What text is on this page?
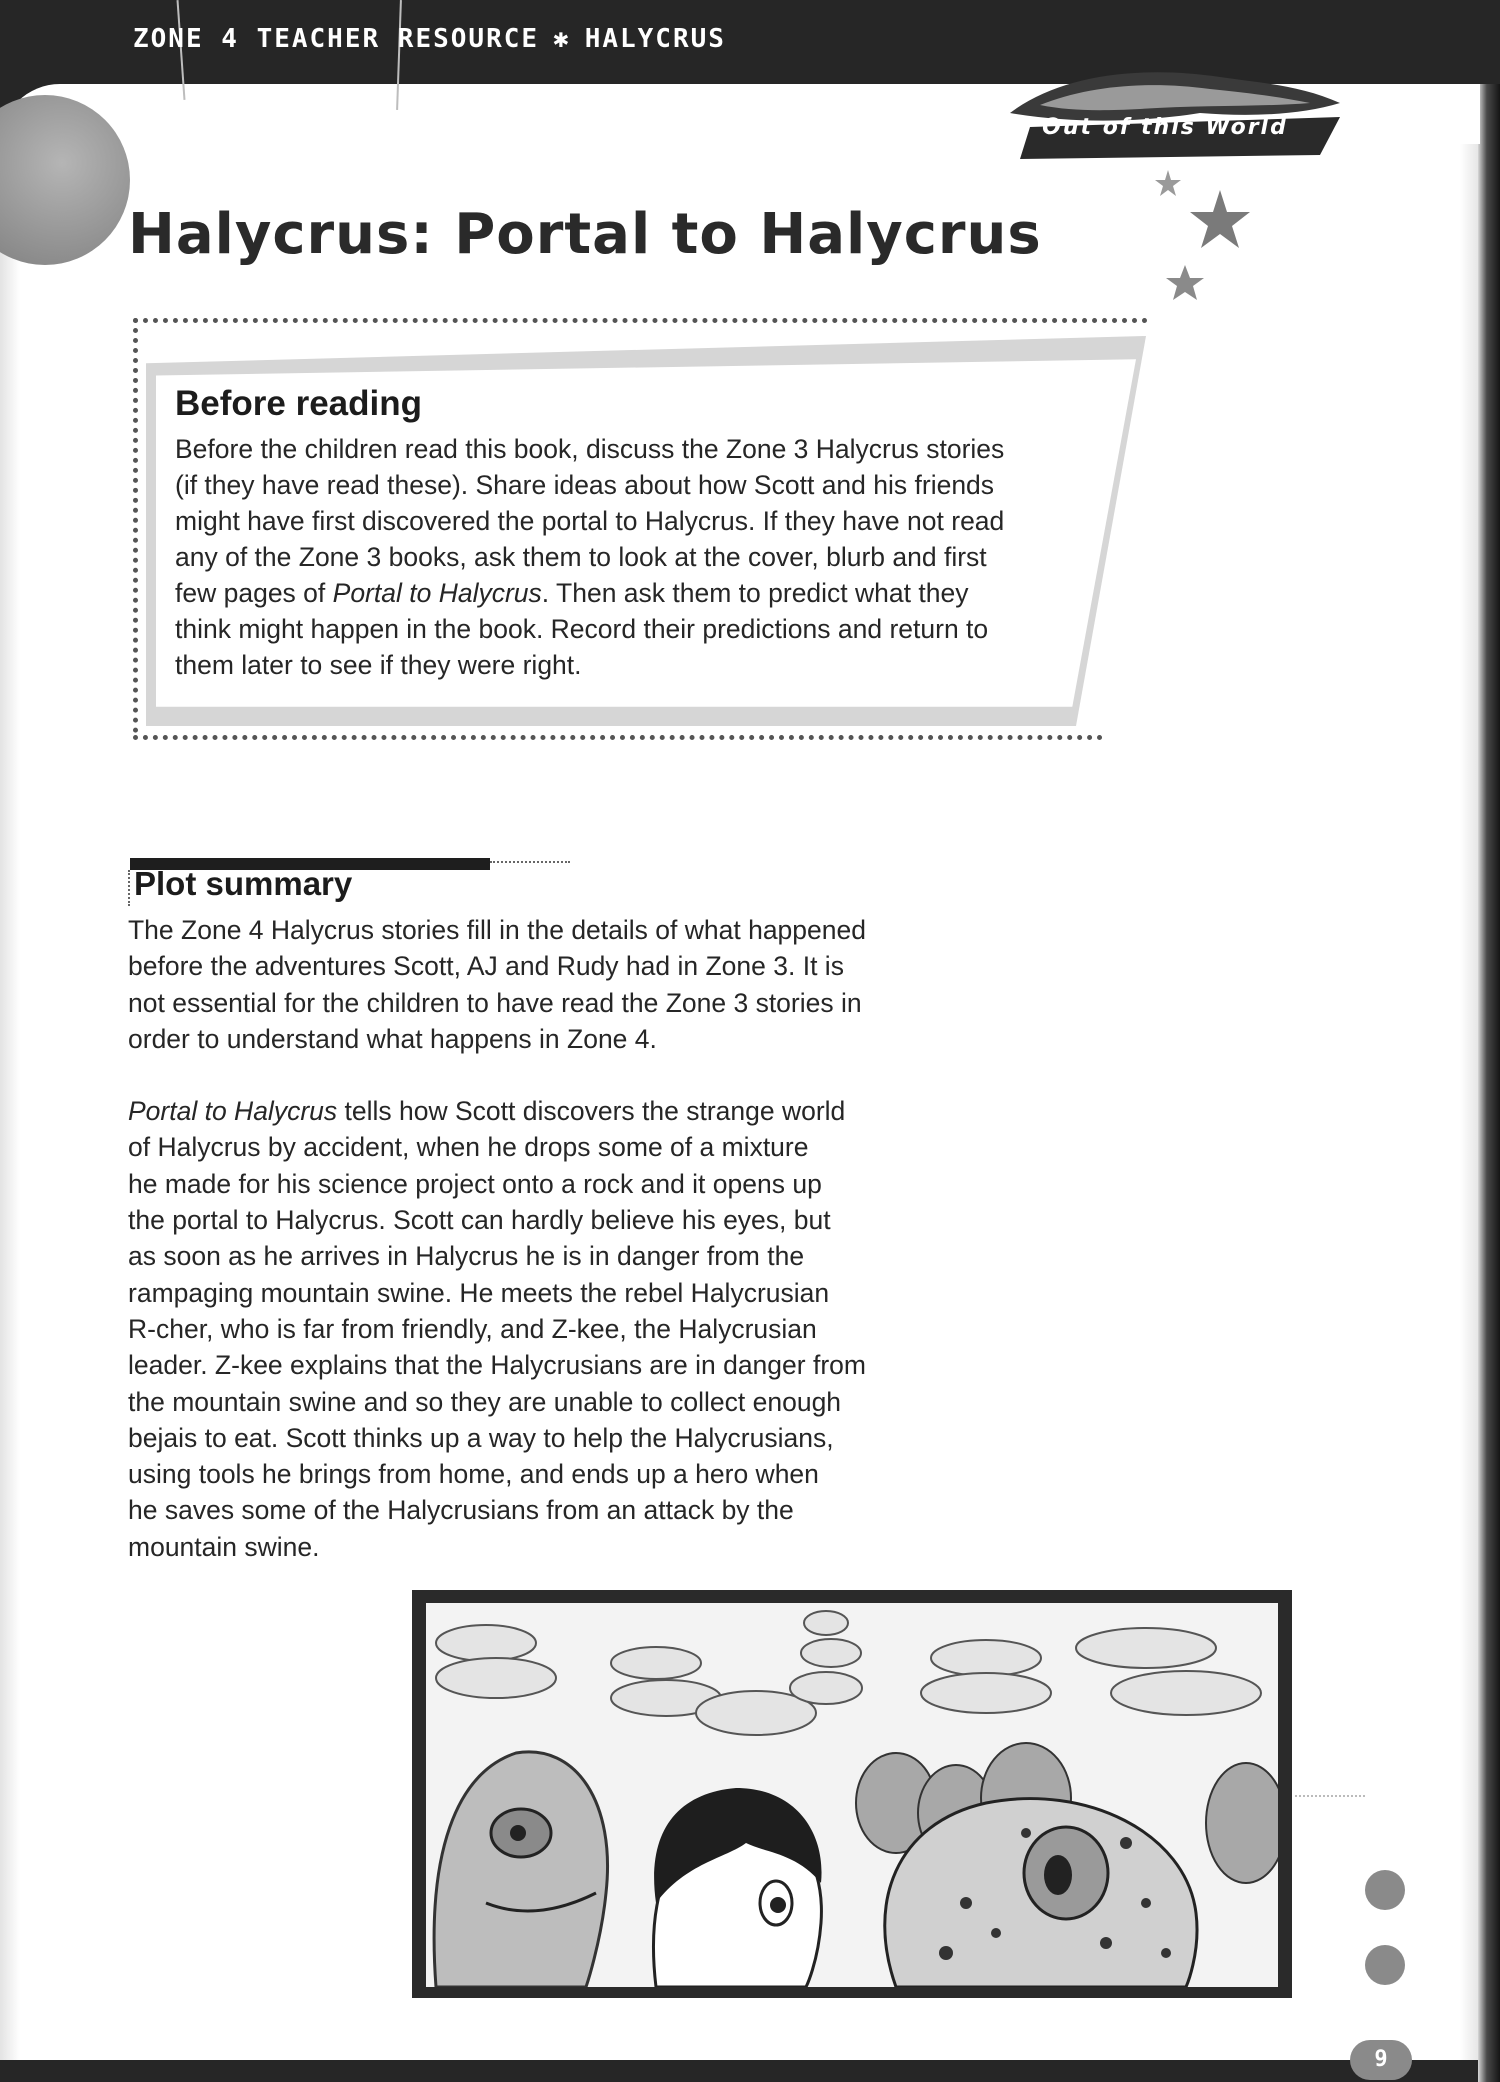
ZONE 4 TEACHER RESOURCE ✱ HALYCRUS
Out of this World
Halycrus: Portal to Halycrus
Before reading

Before the children read this book, discuss the Zone 3 Halycrus stories

(if they have read these). Share ideas about how Scott and his friends

might have first discovered the portal to Halycrus. If they have not read

any of the Zone 3 books, ask them to look at the cover, blurb and first

few pages of Portal to Halycrus. Then ask them to predict what they

think might happen in the book. Record their predictions and return to

them later to see if they were right.

Plot summary

The Zone 4 Halycrus stories fill in the details of what happened

before the adventures Scott, AJ and Rudy had in Zone 3. It is

not essential for the children to have read the Zone 3 stories in

order to understand what happens in Zone 4.

Portal to Halycrus tells how Scott discovers the strange world

of Halycrus by accident, when he drops some of a mixture

he made for his science project onto a rock and it opens up

the portal to Halycrus. Scott can hardly believe his eyes, but

as soon as he arrives in Halycrus he is in danger from the

rampaging mountain swine. He meets the rebel Halycrusian

R-cher, who is far from friendly, and Z-kee, the Halycrusian

leader. Z-kee explains that the Halycrusians are in danger from

the mountain swine and so they are unable to collect enough

bejais to eat. Scott thinks up a way to help the Halycrusians,

using tools he brings from home, and ends up a hero when

he saves some of the Halycrusians from an attack by the

mountain swine.

9
